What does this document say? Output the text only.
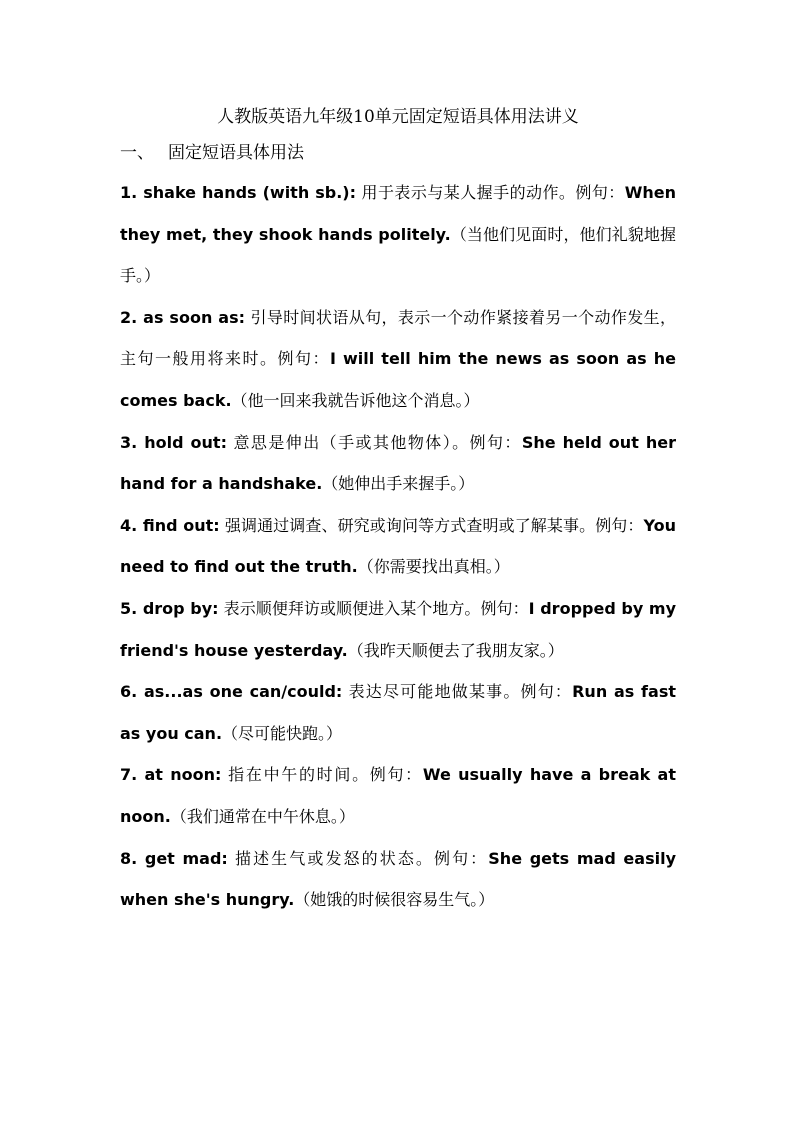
人教版英语九年级10单元固定短语具体用法讲义
一、 固定短语具体用法

1. shake hands (with sb.): 用于表示与某人握手的动作。例句：When they met, they shook hands politely.（当他们见面时，他们礼貌地握手。）

2. as soon as: 引导时间状语从句，表示一个动作紧接着另一个动作发生，主句一般用将来时。例句：I will tell him the news as soon as he comes back.（他一回来我就告诉他这个消息。）

3. hold out: 意思是伸出（手或其他物体）。例句：She held out her hand for a handshake.（她伸出手来握手。）

4. find out: 强调通过调查、研究或询问等方式查明或了解某事。例句：You need to find out the truth.（你需要找出真相。）

5. drop by: 表示顺便拜访或顺便进入某个地方。例句：I dropped by my friend's house yesterday.（我昨天顺便去了我朋友家。）

6. as...as one can/could: 表达尽可能地做某事。例句：Run as fast as you can.（尽可能快跑。）

7. at noon: 指在中午的时间。例句：We usually have a break at noon.（我们通常在中午休息。）

8. get mad: 描述生气或发怒的状态。例句：She gets mad easily when she's hungry.（她饿的时候很容易生气。）
